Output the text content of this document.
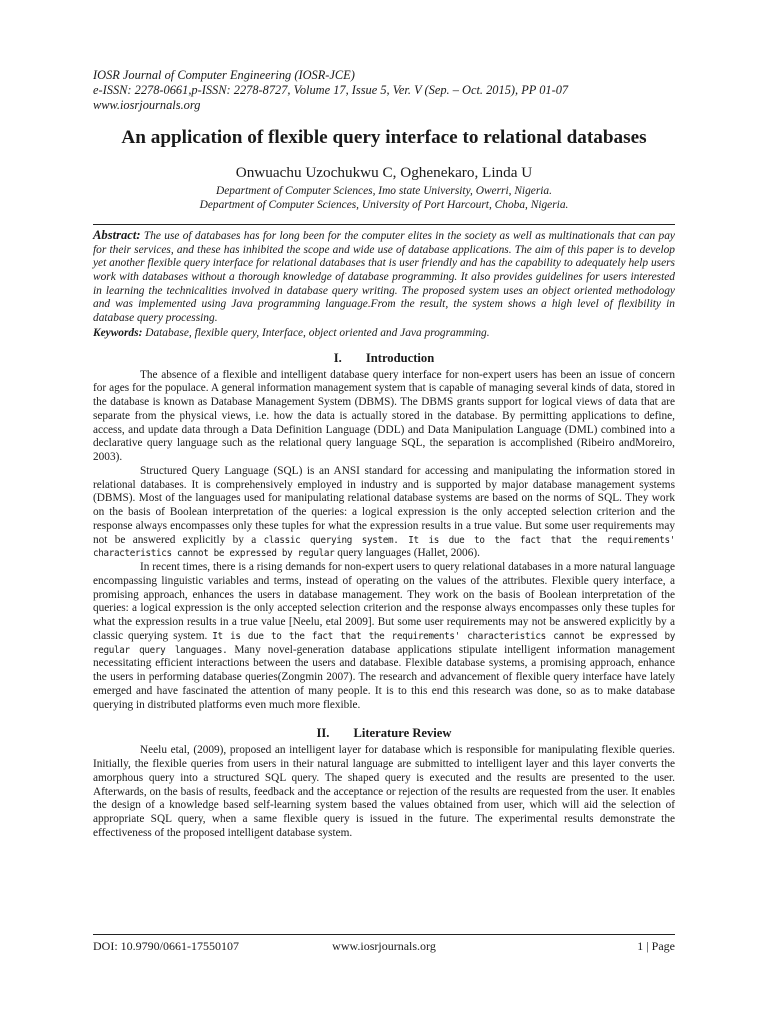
IOSR Journal of Computer Engineering (IOSR-JCE)
e-ISSN: 2278-0661,p-ISSN: 2278-8727, Volume 17, Issue 5, Ver. V (Sep. – Oct. 2015), PP 01-07
www.iosrjournals.org
An application of flexible query interface to relational databases
Onwuachu Uzochukwu C, Oghenekaro, Linda U
Department of Computer Sciences, Imo state University, Owerri, Nigeria.
Department of Computer Sciences, University of Port Harcourt, Choba, Nigeria.
Abstract: The use of databases has for long been for the computer elites in the society as well as multinationals that can pay for their services, and these has inhibited the scope and wide use of database applications. The aim of this paper is to develop yet another flexible query interface for relational databases that is user friendly and has the capability to adequately help users work with databases without a thorough knowledge of database programming. It also provides guidelines for users interested in learning the technicalities involved in database query writing. The proposed system uses an object oriented methodology and was implemented using Java programming language.From the result, the system shows a high level of flexibility in database query processing.
Keywords: Database, flexible query, Interface, object oriented and Java programming.
I. Introduction

The absence of a flexible and intelligent database query interface for non-expert users has been an issue of concern for ages for the populace. A general information management system that is capable of managing several kinds of data, stored in the database is known as Database Management System (DBMS). The DBMS grants support for logical views of data that are separate from the physical views, i.e. how the data is actually stored in the database. By permitting applications to define, access, and update data through a Data Definition Language (DDL) and Data Manipulation Language (DML) combined into a declarative query language such as the relational query language SQL, the separation is accomplished (Ribeiro andMoreiro, 2003).

Structured Query Language (SQL) is an ANSI standard for accessing and manipulating the information stored in relational databases. It is comprehensively employed in industry and is supported by major database management systems (DBMS). Most of the languages used for manipulating relational database systems are based on the norms of SQL. They work on the basis of Boolean interpretation of the queries: a logical expression is the only accepted selection criterion and the response always encompasses only these tuples for what the expression results in a true value. But some user requirements may not be answered explicitly by a classic querying system. It is due to the fact that the requirements' characteristics cannot be expressed by regular query languages (Hallet, 2006).

In recent times, there is a rising demands for non-expert users to query relational databases in a more natural language encompassing linguistic variables and terms, instead of operating on the values of the attributes. Flexible query interface, a promising approach, enhances the users in database management. They work on the basis of Boolean interpretation of the queries: a logical expression is the only accepted selection criterion and the response always encompasses only these tuples for what the expression results in a true value [Neelu, etal 2009]. But some user requirements may not be answered explicitly by a classic querying system. It is due to the fact that the requirements' characteristics cannot be expressed by regular query languages. Many novel-generation database applications stipulate intelligent information management necessitating efficient interactions between the users and database. Flexible database systems, a promising approach, enhance the users in performing database queries(Zongmin 2007). The research and advancement of flexible query interface have lately emerged and have fascinated the attention of many people. It is to this end this research was done, so as to make database querying in distributed platforms even much more flexible.

II. Literature Review

Neelu etal, (2009), proposed an intelligent layer for database which is responsible for manipulating flexible queries. Initially, the flexible queries from users in their natural language are submitted to intelligent layer and this layer converts the amorphous query into a structured SQL query. The shaped query is executed and the results are presented to the user. Afterwards, on the basis of results, feedback and the acceptance or rejection of the results are requested from the user. It enables the design of a knowledge based self-learning system based the values obtained from user, which will aid the selection of appropriate SQL query, when a same flexible query is issued in the future. The experimental results demonstrate the effectiveness of the proposed intelligent database system.

DOI: 10.9790/0661-17550107	www.iosrjournals.org	1 | Page
